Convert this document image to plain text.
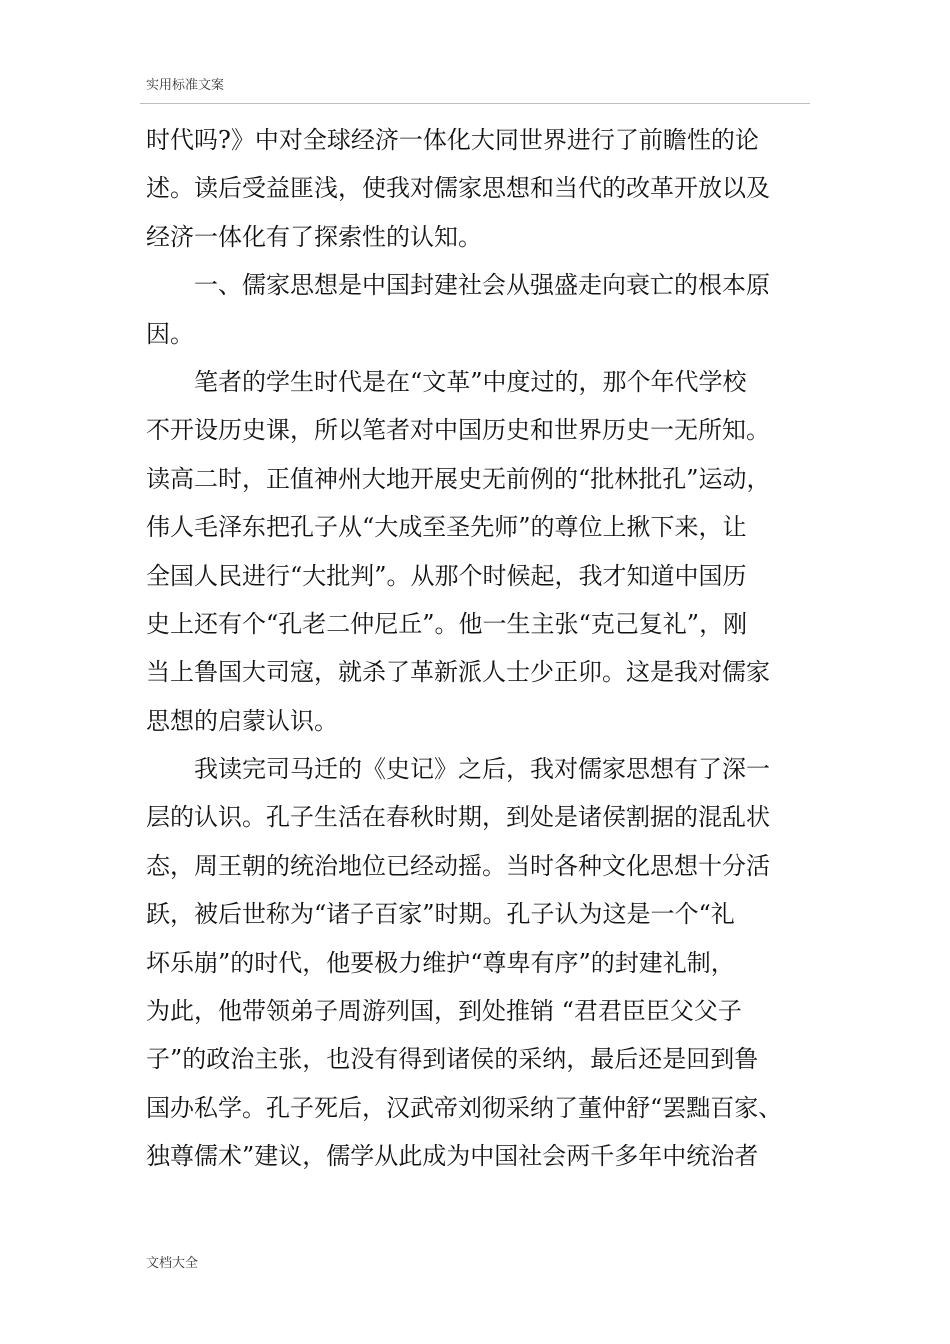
实用标准文案
时代吗?》中对全球经济一体化大同世界进行了前瞻性的论
述。读后受益匪浅，使我对儒家思想和当代的改革开放以及
经济一体化有了探索性的认知。
一、儒家思想是中国封建社会从强盛走向衰亡的根本原
因。
笔者的学生时代是在“文革”中度过的，那个年代学校
不开设历史课，所以笔者对中国历史和世界历史一无所知。
读高二时，正值神州大地开展史无前例的“批林批孔”运动，
伟人毛泽东把孔子从“大成至圣先师”的尊位上揪下来，让
全国人民进行“大批判”。从那个时候起，我才知道中国历
史上还有个“孔老二仲尼丘”。他一生主张“克己复礼”，刚
当上鲁国大司寇，就杀了革新派人士少正卯。这是我对儒家
思想的启蒙认识。
我读完司马迁的《史记》之后，我对儒家思想有了深一
层的认识。孔子生活在春秋时期，到处是诸侯割据的混乱状
态，周王朝的统治地位已经动摇。当时各种文化思想十分活
跃，被后世称为“诸子百家”时期。孔子认为这是一个“礼
坏乐崩”的时代，他要极力维护“尊卑有序”的封建礼制，
为此，他带领弟子周游列国，到处推销 “君君臣臣父父子
子”的政治主张，也没有得到诸侯的采纳，最后还是回到鲁
国办私学。孔子死后，汉武帝刘彻采纳了董仲舒“罢黜百家、
独尊儒术”建议，儒学从此成为中国社会两千多年中统治者
文档大全
